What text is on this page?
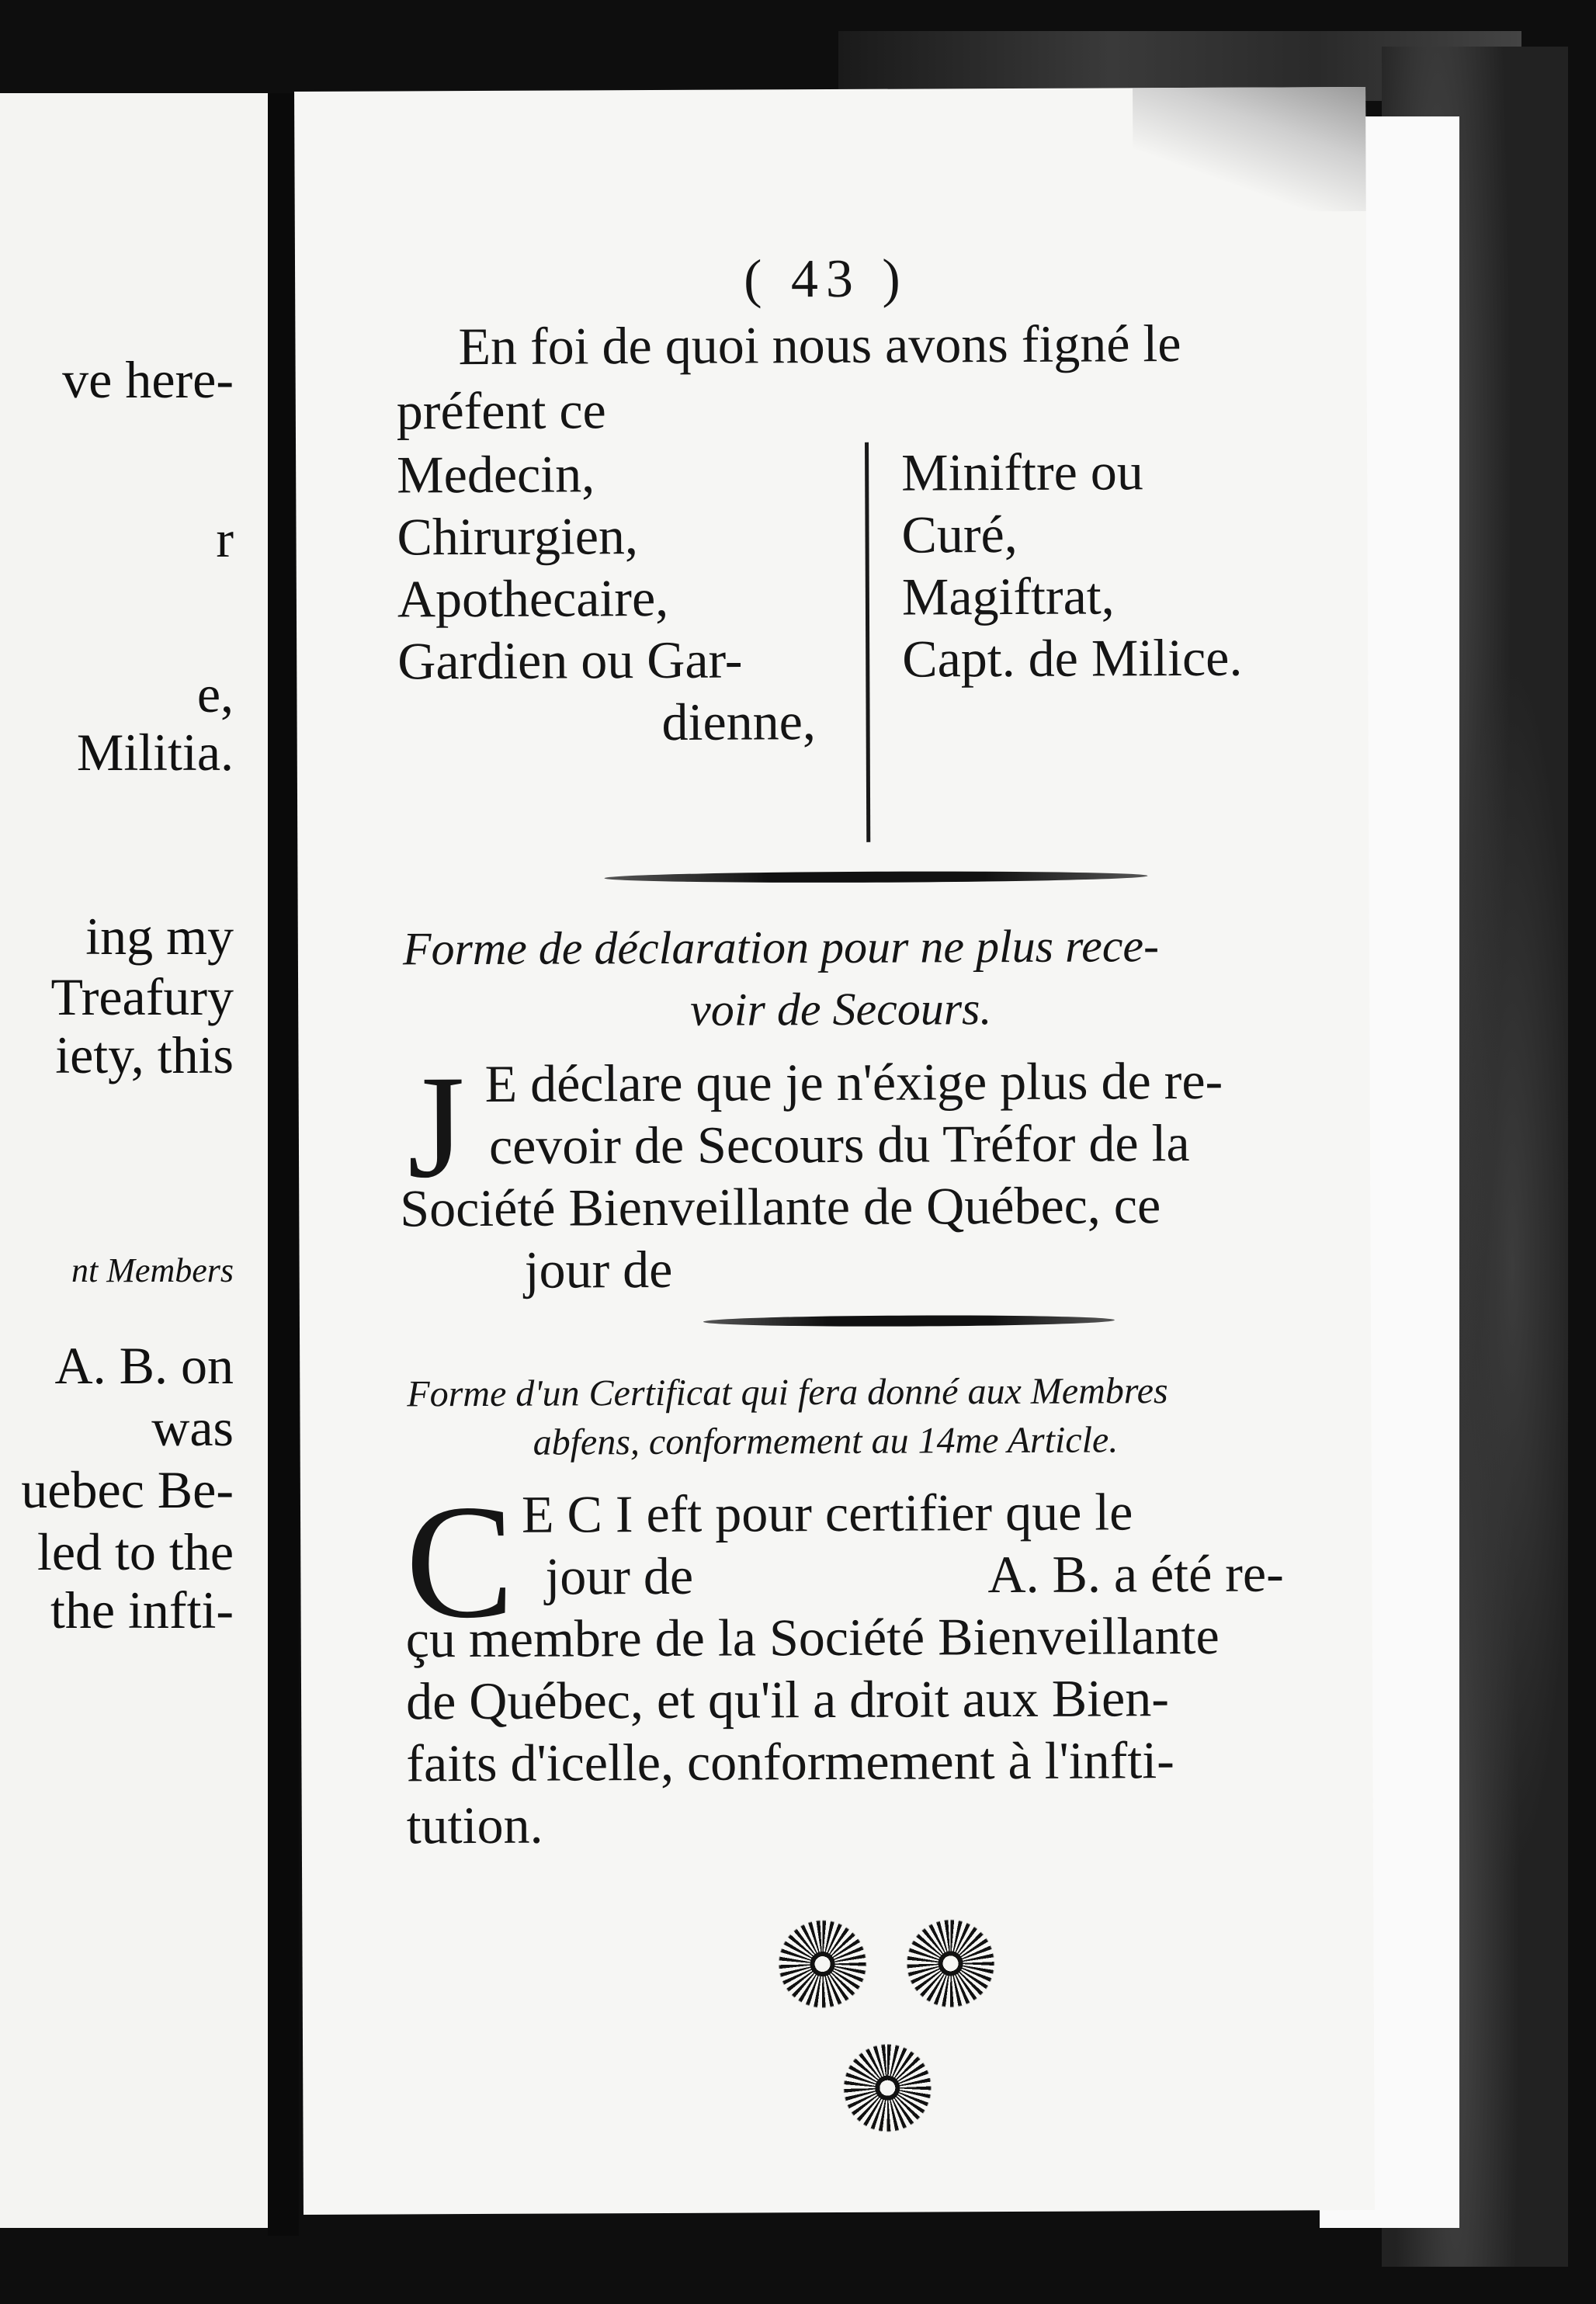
ve here-
r
e,
Militia.
ing my
Treafury
iety, this
nt Members
A. B. on
was
uebec Be-
led to the
the infti-
( 43 )
En foi de quoi nous avons figné le
préfent ce
Medecin,
Chirurgien,
Apothecaire,
Gardien ou Gar-
dienne,
Miniftre ou
Curé,
Magiftrat,
Capt. de Milice.
Forme de déclaration pour ne plus rece-
voir de Secours.
J E déclare que je n'éxige plus de re-
cevoir de Secours du Tréfor de la
Société Bienveillante de Québec, ce
jour de
Forme d'un Certificat qui fera donné aux Membres
abfens, conformement au 14me Article.
C E C I eft pour certifier que le
jour de	A. B. a été re-
çu membre de la Société Bienveillante
de Québec, et qu'il a droit aux Bien-
faits d'icelle, conformement à l'infti-
tution.
